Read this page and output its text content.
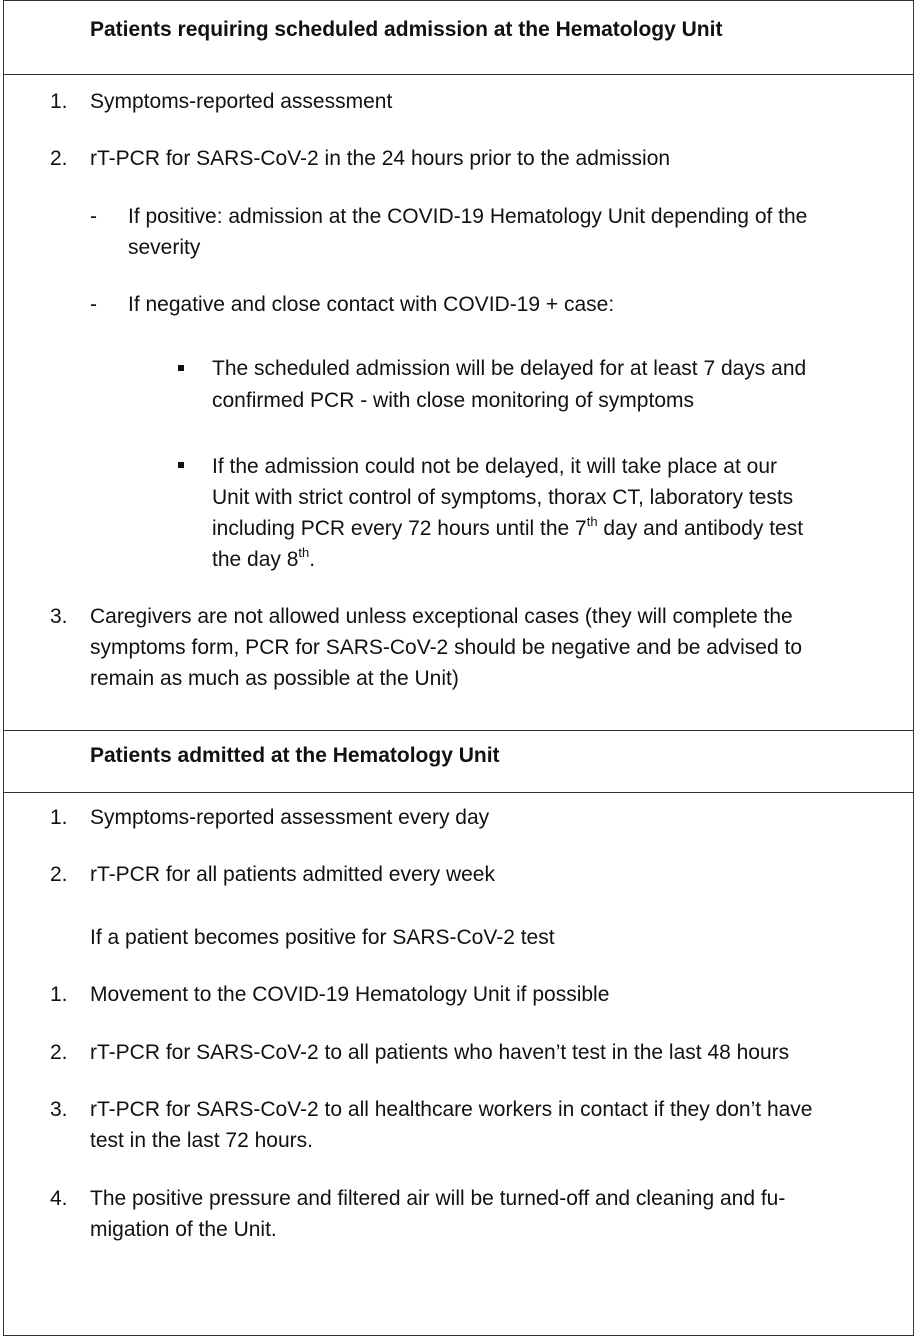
Patients requiring scheduled admission at the Hematology Unit
1. Symptoms-reported assessment
2. rT-PCR for SARS-CoV-2 in the 24 hours prior to the admission
- If positive: admission at the COVID-19 Hematology Unit depending of the
severity
- If negative and close contact with COVID-19 + case:
The scheduled admission will be delayed for at least 7 days and
confirmed PCR - with close monitoring of symptoms
If the admission could not be delayed, it will take place at our
Unit with strict control of symptoms, thorax CT, laboratory tests
including PCR every 72 hours until the 7th day and antibody test
the day 8th.
3. Caregivers are not allowed unless exceptional cases (they will complete the
symptoms form, PCR for SARS-CoV-2 should be negative and be advised to
remain as much as possible at the Unit)
Patients admitted at the Hematology Unit
1. Symptoms-reported assessment every day
2. rT-PCR for all patients admitted every week
If a patient becomes positive for SARS-CoV-2 test
1. Movement to the COVID-19 Hematology Unit if possible
2. rT-PCR for SARS-CoV-2 to all patients who haven’t test in the last 48 hours
3. rT-PCR for SARS-CoV-2 to all healthcare workers in contact if they don’t have
test in the last 72 hours.
4. The positive pressure and filtered air will be turned-off and cleaning and fu-
migation of the Unit.
